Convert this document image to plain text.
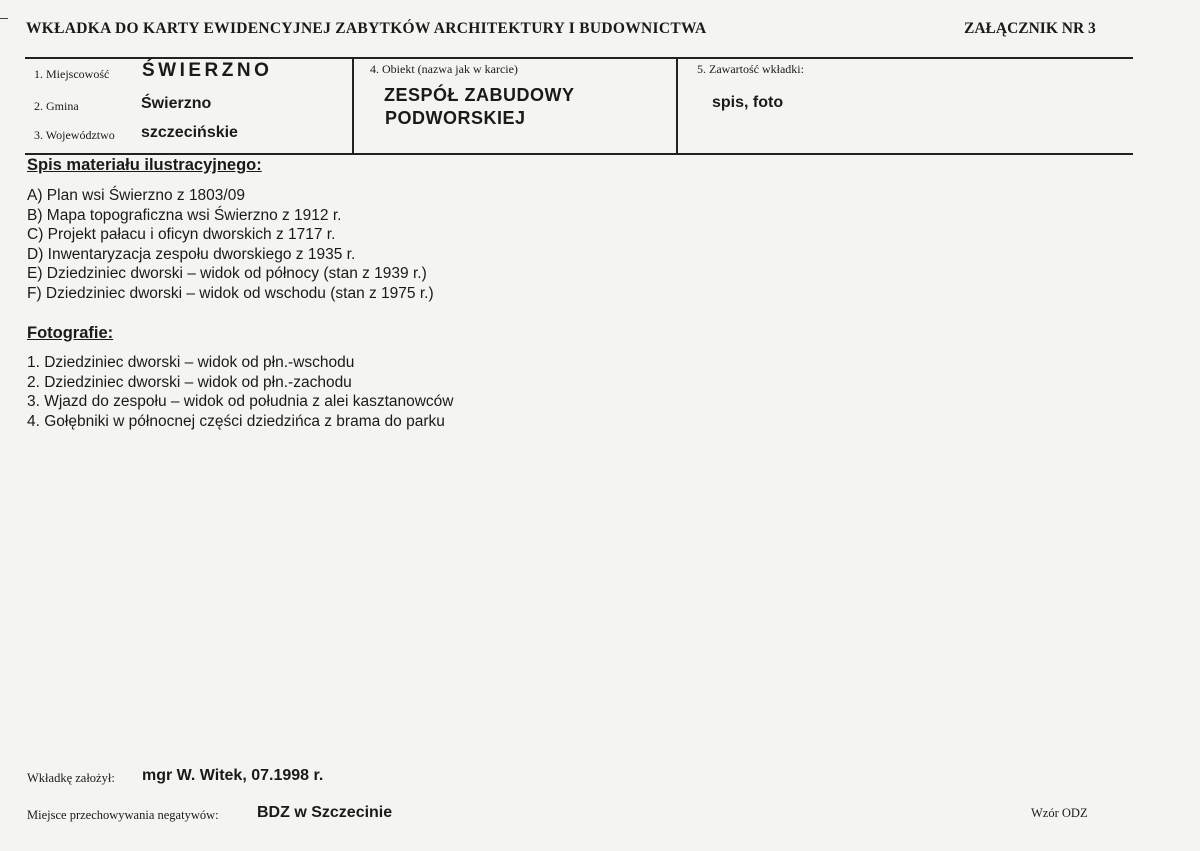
WKŁADKA DO KARTY EWIDENCYJNEJ ZABYTKÓW ARCHITEKTURY I BUDOWNICTWA	ZAŁĄCZNIK NR 3
1. Miejscowość ŚWIERZNO
2. Gmina	Świerzno
3. Województwo szczecińskie
4. Obiekt (nazwa jak w karcie)
ZESPÓŁ ZABUDOWY
PODWORSKIEJ
5. Zawartość wkładki:
spis, foto
Spis materiału ilustracyjnego:
A) Plan wsi Świerzno z 1803/09
B) Mapa topograficzna wsi Świerzno z 1912 r.
C) Projekt pałacu i oficyn dworskich z 1717 r.
D) Inwentaryzacja zespołu dworskiego z 1935 r.
E) Dziedziniec dworski – widok od północy (stan z 1939 r.)
F) Dziedziniec dworski – widok od wschodu (stan z 1975 r.)
Fotografie:
1. Dziedziniec dworski – widok od płn.-wschodu
2. Dziedziniec dworski – widok od płn.-zachodu
3. Wjazd do zespołu – widok od południa z alei kasztanowców
4. Gołębniki w północnej części dziedzińca z brama do parku
Wkładkę założył: mgr W. Witek, 07.1998 r.
Miejsce przechowywania negatywów: BDZ w Szczecinie	Wzór ODZ
